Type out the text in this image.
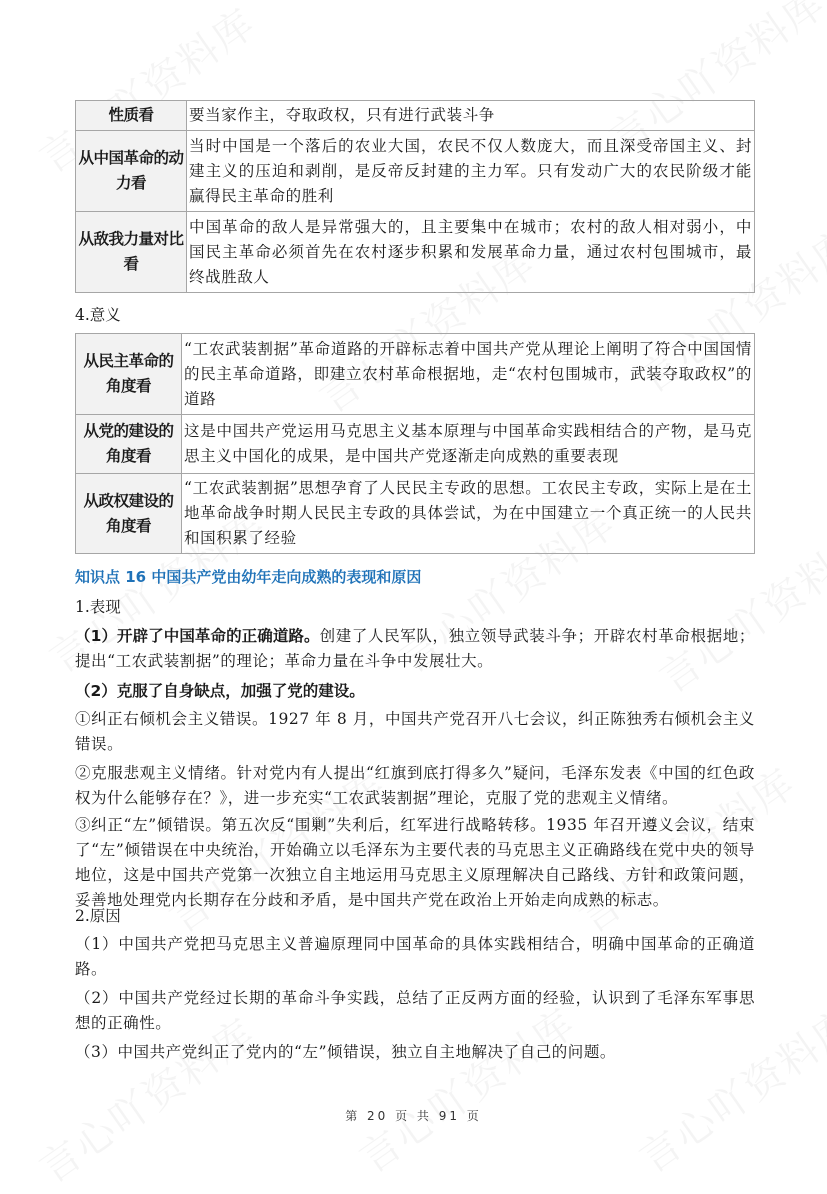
性质看	要当家作主，夺取政权，只有进行武装斗争
从中国革命的动力看	当时中国是一个落后的农业大国，农民不仅人数庞大，而且深受帝国主义、封建主义的压迫和剥削，是反帝反封建的主力军。只有发动广大的农民阶级才能赢得民主革命的胜利
从敌我力量对比看	中国革命的敌人是异常强大的，且主要集中在城市；农村的敌人相对弱小，中国民主革命必须首先在农村逐步积累和发展革命力量，通过农村包围城市，最终战胜敌人
4.意义
从民主革命的角度看	“工农武装割据”革命道路的开辟标志着中国共产党从理论上阐明了符合中国国情的民主革命道路，即建立农村革命根据地，走“农村包围城市，武装夺取政权”的道路
从党的建设的角度看	这是中国共产党运用马克思主义基本原理与中国革命实践相结合的产物，是马克思主义中国化的成果，是中国共产党逐渐走向成熟的重要表现
从政权建设的角度看	“工农武装割据”思想孕育了人民民主专政的思想。工农民主专政，实际上是在土地革命战争时期人民民主专政的具体尝试，为在中国建立一个真正统一的人民共和国积累了经验
知识点 16 中国共产党由幼年走向成熟的表现和原因
1.表现
（1）开辟了中国革命的正确道路。创建了人民军队，独立领导武装斗争；开辟农村革命根据地；提出“工农武装割据”的理论；革命力量在斗争中发展壮大。
（2）克服了自身缺点，加强了党的建设。
①纠正右倾机会主义错误。1927 年 8 月，中国共产党召开八七会议，纠正陈独秀右倾机会主义错误。
②克服悲观主义情绪。针对党内有人提出“红旗到底打得多久”疑问，毛泽东发表《中国的红色政权为什么能够存在？》，进一步充实“工农武装割据”理论，克服了党的悲观主义情绪。
③纠正“左”倾错误。第五次反“围剿”失利后，红军进行战略转移。1935 年召开遵义会议，结束了“左”倾错误在中央统治，开始确立以毛泽东为主要代表的马克思主义正确路线在党中央的领导地位，这是中国共产党第一次独立自主地运用马克思主义原理解决自己路线、方针和政策问题，妥善地处理党内长期存在分歧和矛盾，是中国共产党在政治上开始走向成熟的标志。
2.原因
（1）中国共产党把马克思主义普遍原理同中国革命的具体实践相结合，明确中国革命的正确道路。
（2）中国共产党经过长期的革命斗争实践，总结了正反两方面的经验，认识到了毛泽东军事思想的正确性。
（3）中国共产党纠正了党内的“左”倾错误，独立自主地解决了自己的问题。
第 20 页 共 91 页
